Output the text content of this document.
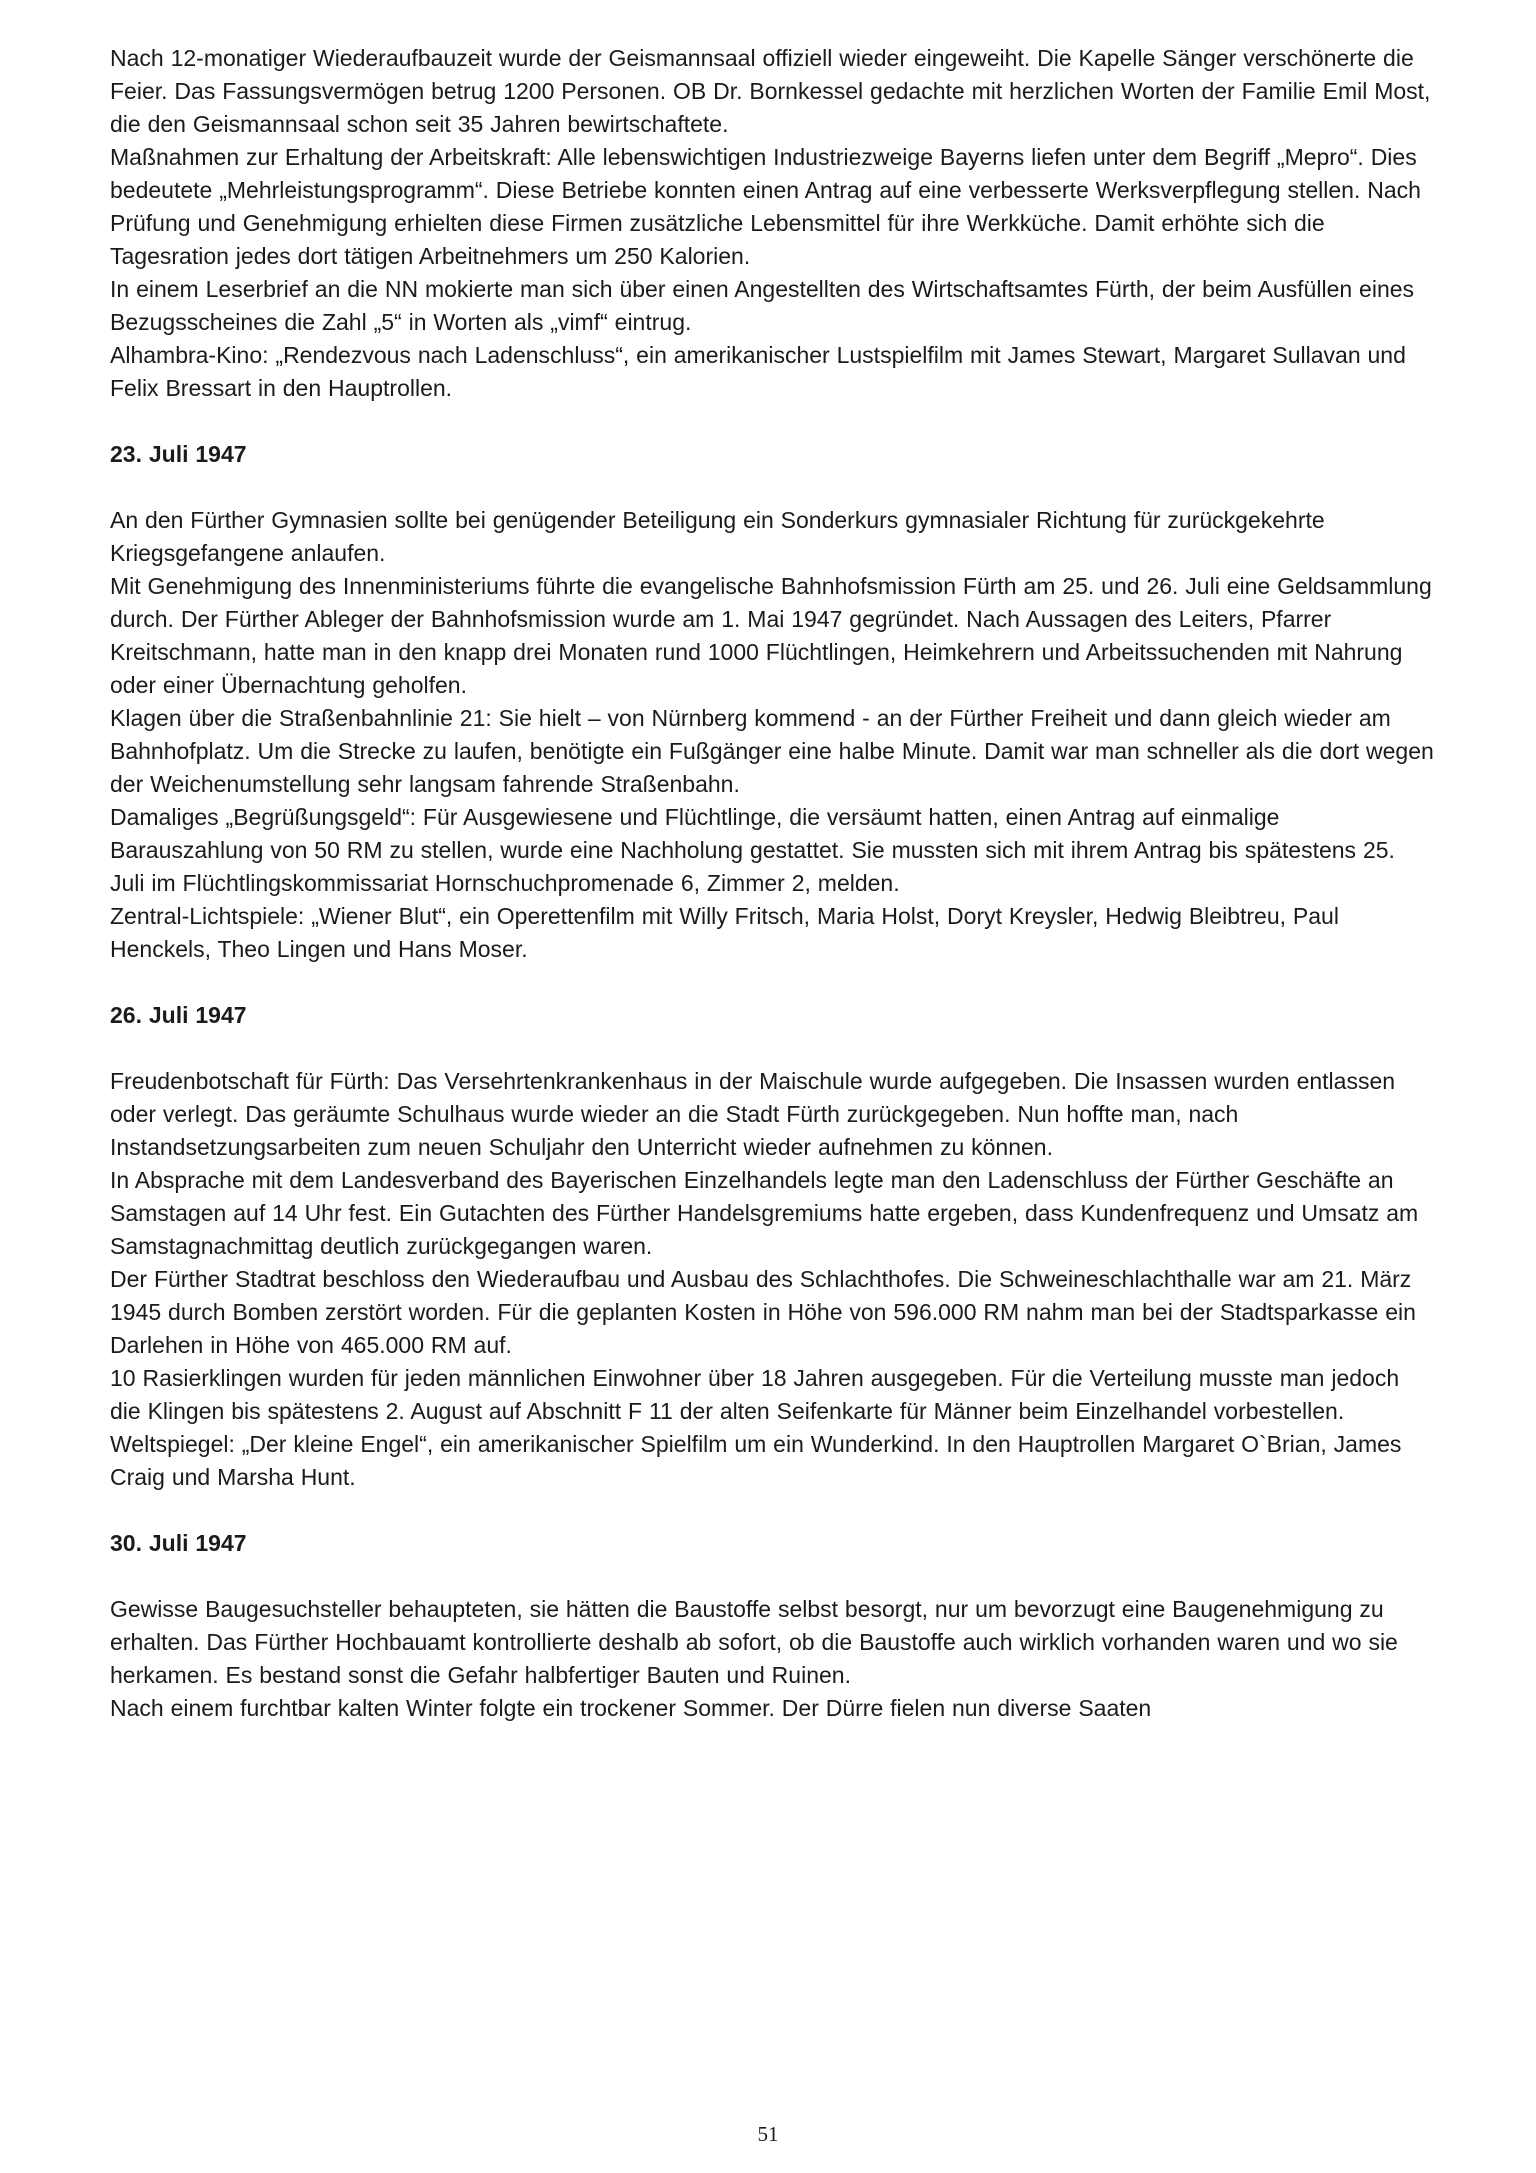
Nach 12-monatiger Wiederaufbauzeit wurde der Geismannsaal offiziell wieder eingeweiht. Die Kapelle Sänger verschönerte die Feier. Das Fassungsvermögen betrug 1200 Personen. OB Dr. Bornkessel gedachte mit herzlichen Worten der Familie Emil Most, die den Geismannsaal schon seit 35 Jahren bewirtschaftete.

Maßnahmen zur Erhaltung der Arbeitskraft: Alle lebenswichtigen Industriezweige Bayerns liefen unter dem Begriff „Mepro“. Dies bedeutete „Mehrleistungsprogramm“. Diese Betriebe konnten einen Antrag auf eine verbesserte Werksverpflegung stellen. Nach Prüfung und Genehmigung erhielten diese Firmen zusätzliche Lebensmittel für ihre Werkküche. Damit erhöhte sich die Tagesration jedes dort tätigen Arbeitnehmers um 250 Kalorien.

In einem Leserbrief an die NN mokierte man sich über einen Angestellten des Wirtschaftsamtes Fürth, der beim Ausfüllen eines Bezugsscheines die Zahl „5“ in Worten als „vimf“ eintrug.

Alhambra-Kino: „Rendezvous nach Ladenschluss“, ein amerikanischer Lustspielfilm mit James Stewart, Margaret Sullavan und Felix Bressart in den Hauptrollen.

23. Juli 1947

An den Fürther Gymnasien sollte bei genügender Beteiligung ein Sonderkurs gymnasialer Richtung für zurückgekehrte Kriegsgefangene anlaufen.

Mit Genehmigung des Innenministeriums führte die evangelische Bahnhofsmission Fürth am 25. und 26. Juli eine Geldsammlung durch. Der Fürther Ableger der Bahnhofsmission wurde am 1. Mai 1947 gegründet. Nach Aussagen des Leiters, Pfarrer Kreitschmann, hatte man in den knapp drei Monaten rund 1000 Flüchtlingen, Heimkehrern und Arbeitssuchenden mit Nahrung oder einer Übernachtung geholfen.

Klagen über die Straßenbahnlinie 21: Sie hielt – von Nürnberg kommend - an der Fürther Freiheit und dann gleich wieder am Bahnhofplatz. Um die Strecke zu laufen, benötigte ein Fußgänger eine halbe Minute. Damit war man schneller als die dort wegen der Weichenumstellung sehr langsam fahrende Straßenbahn.

Damaliges „Begrüßungsgeld“: Für Ausgewiesene und Flüchtlinge, die versäumt hatten, einen Antrag auf einmalige Barauszahlung von 50 RM zu stellen, wurde eine Nachholung gestattet. Sie mussten sich mit ihrem Antrag bis spätestens 25. Juli im Flüchtlingskommissariat Hornschuchpromenade 6, Zimmer 2, melden.

Zentral-Lichtspiele: „Wiener Blut“, ein Operettenfilm mit Willy Fritsch, Maria Holst, Doryt Kreysler, Hedwig Bleibtreu, Paul Henckels, Theo Lingen und Hans Moser.

26. Juli 1947

Freudenbotschaft für Fürth: Das Versehrtenkrankenhaus in der Maischule wurde aufgegeben. Die Insassen wurden entlassen oder verlegt. Das geräumte Schulhaus wurde wieder an die Stadt Fürth zurückgegeben. Nun hoffte man, nach Instandsetzungsarbeiten zum neuen Schuljahr den Unterricht wieder aufnehmen zu können.

In Absprache mit dem Landesverband des Bayerischen Einzelhandels legte man den Ladenschluss der Fürther Geschäfte an Samstagen auf 14 Uhr fest. Ein Gutachten des Fürther Handelsgremiums hatte ergeben, dass Kundenfrequenz und Umsatz am Samstagnachmittag deutlich zurückgegangen waren.

Der Fürther Stadtrat beschloss den Wiederaufbau und Ausbau des Schlachthofes. Die Schweineschlachthalle war am 21. März 1945 durch Bomben zerstört worden. Für die geplanten Kosten in Höhe von 596.000 RM nahm man bei der Stadtsparkasse ein Darlehen in Höhe von 465.000 RM auf.

10 Rasierklingen wurden für jeden männlichen Einwohner über 18 Jahren ausgegeben. Für die Verteilung musste man jedoch die Klingen bis spätestens 2. August auf Abschnitt F 11 der alten Seifenkarte für Männer beim Einzelhandel vorbestellen.

Weltspiegel: „Der kleine Engel“, ein amerikanischer Spielfilm um ein Wunderkind. In den Hauptrollen Margaret O`Brian, James Craig und Marsha Hunt.

30. Juli 1947

Gewisse Baugesuchsteller behaupteten, sie hätten die Baustoffe selbst besorgt, nur um bevorzugt eine Baugenehmigung zu erhalten. Das Fürther Hochbauamt kontrollierte deshalb ab sofort, ob die Baustoffe auch wirklich vorhanden waren und wo sie herkamen. Es bestand sonst die Gefahr halbfertiger Bauten und Ruinen.

Nach einem furchtbar kalten Winter folgte ein trockener Sommer. Der Dürre fielen nun diverse Saaten

51
